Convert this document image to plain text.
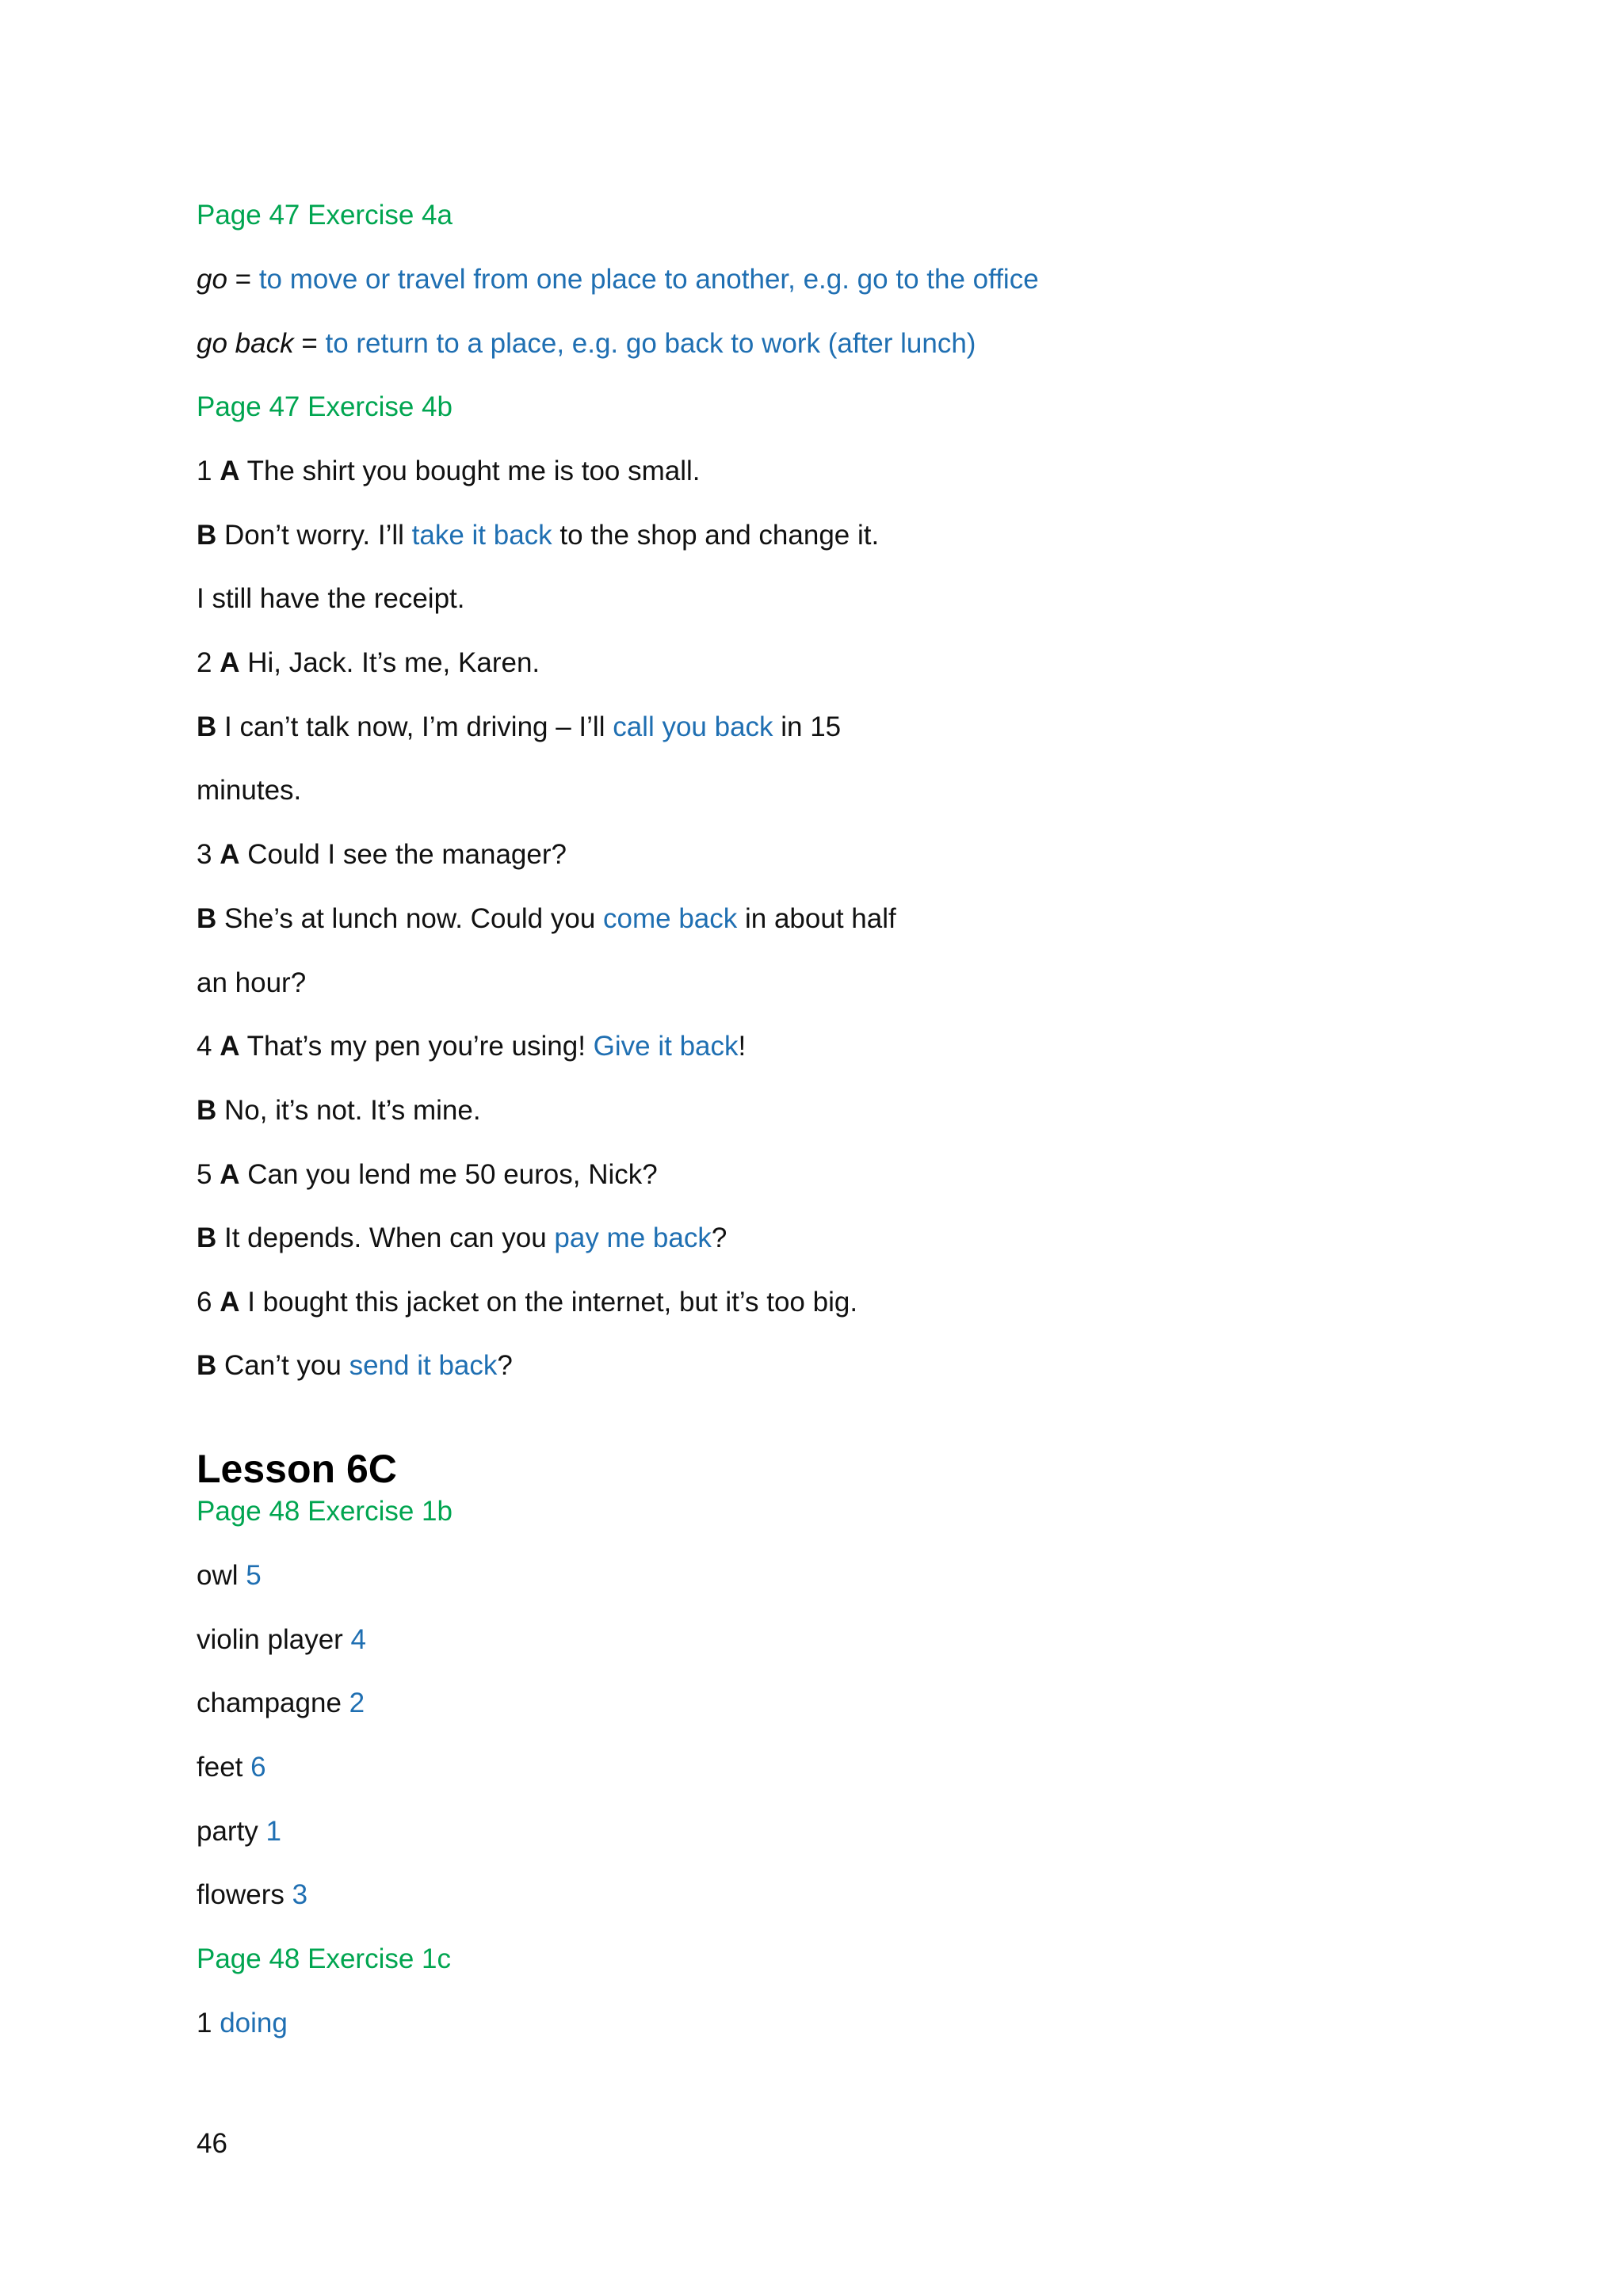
Page 47 Exercise 4a
go = to move or travel from one place to another, e.g. go to the office
go back = to return to a place, e.g. go back to work (after lunch)
Page 47 Exercise 4b
1 A The shirt you bought me is too small.
B Don’t worry. I’ll take it back to the shop and change it.
I still have the receipt.
2 A Hi, Jack. It’s me, Karen.
B I can’t talk now, I’m driving – I’ll call you back in 15
minutes.
3 A Could I see the manager?
B She’s at lunch now. Could you come back in about half
an hour?
4 A That’s my pen you’re using! Give it back!
B No, it’s not. It’s mine.
5 A Can you lend me 50 euros, Nick?
B It depends. When can you pay me back?
6 A I bought this jacket on the internet, but it’s too big.
B Can’t you send it back?
Lesson 6C
Page 48 Exercise 1b
owl 5
violin player 4
champagne 2
feet 6
party 1
flowers 3
Page 48 Exercise 1c
1 doing
46
